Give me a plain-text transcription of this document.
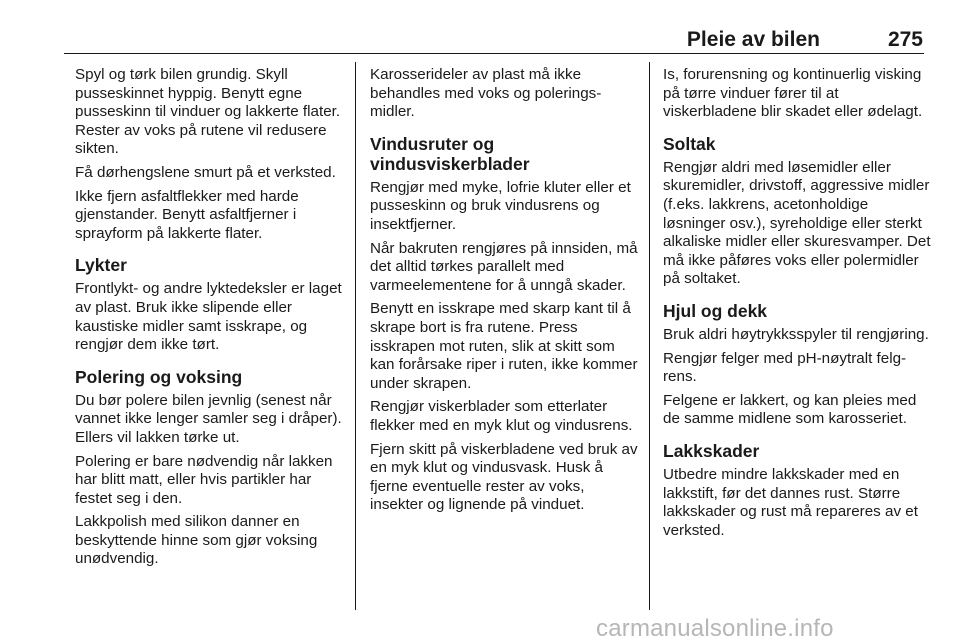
Pleie av bilen	275

Spyl og tørk bilen grundig. Skyll pusseskinnet hyppig. Benytt egne pusseskinn til vinduer og lakkerte flater. Rester av voks på rutene vil redusere sikten.

Få dørhengslene smurt på et verksted.

Ikke fjern asfaltflekker med harde gjenstander. Benytt asfaltfjerner i sprayform på lakkerte flater.

Lykter

Frontlykt- og andre lyktedeksler er laget av plast. Bruk ikke slipende eller kaustiske midler samt isskrape, og rengjør dem ikke tørt.

Polering og voksing

Du bør polere bilen jevnlig (senest når vannet ikke lenger samler seg i dråper). Ellers vil lakken tørke ut.

Polering er bare nødvendig når lakken har blitt matt, eller hvis partikler har festet seg i den.

Lakkpolish med silikon danner en beskyttende hinne som gjør voksing unødvendig.

Karosserideler av plast må ikke behandles med voks og poleringsmidler.

Vindusruter og vindusviskerblader

Rengjør med myke, lofrie kluter eller et pusseskinn og bruk vindusrens og insektfjerner.

Når bakruten rengjøres på innsiden, må det alltid tørkes parallelt med varmeelementene for å unngå skader.

Benytt en isskrape med skarp kant til å skrape bort is fra rutene. Press isskrapen mot ruten, slik at skitt som kan forårsake riper i ruten, ikke kommer under skrapen.

Rengjør viskerblader som etterlater flekker med en myk klut og vindusrens.

Fjern skitt på viskerbladene ved bruk av en myk klut og vindusvask. Husk å fjerne eventuelle rester av voks, insekter og lignende på vinduet.

Is, forurensning og kontinuerlig visking på tørre vinduer fører til at viskerbladene blir skadet eller ødelagt.

Soltak

Rengjør aldri med løsemidler eller skuremidler, drivstoff, aggressive midler (f.eks. lakkrens, acetonholdige løsninger osv.), syreholdige eller sterkt alkaliske midler eller skuresvamper. Det må ikke påføres voks eller polermidler på soltaket.

Hjul og dekk

Bruk aldri høytrykksspyler til rengjøring.

Rengjør felger med pH-nøytralt felgrens.

Felgene er lakkert, og kan pleies med de samme midlene som karosseriet.

Lakkskader

Utbedre mindre lakkskader med en lakkstift, før det dannes rust. Større lakkskader og rust må repareres av et verksted.

carmanualsonline.info
